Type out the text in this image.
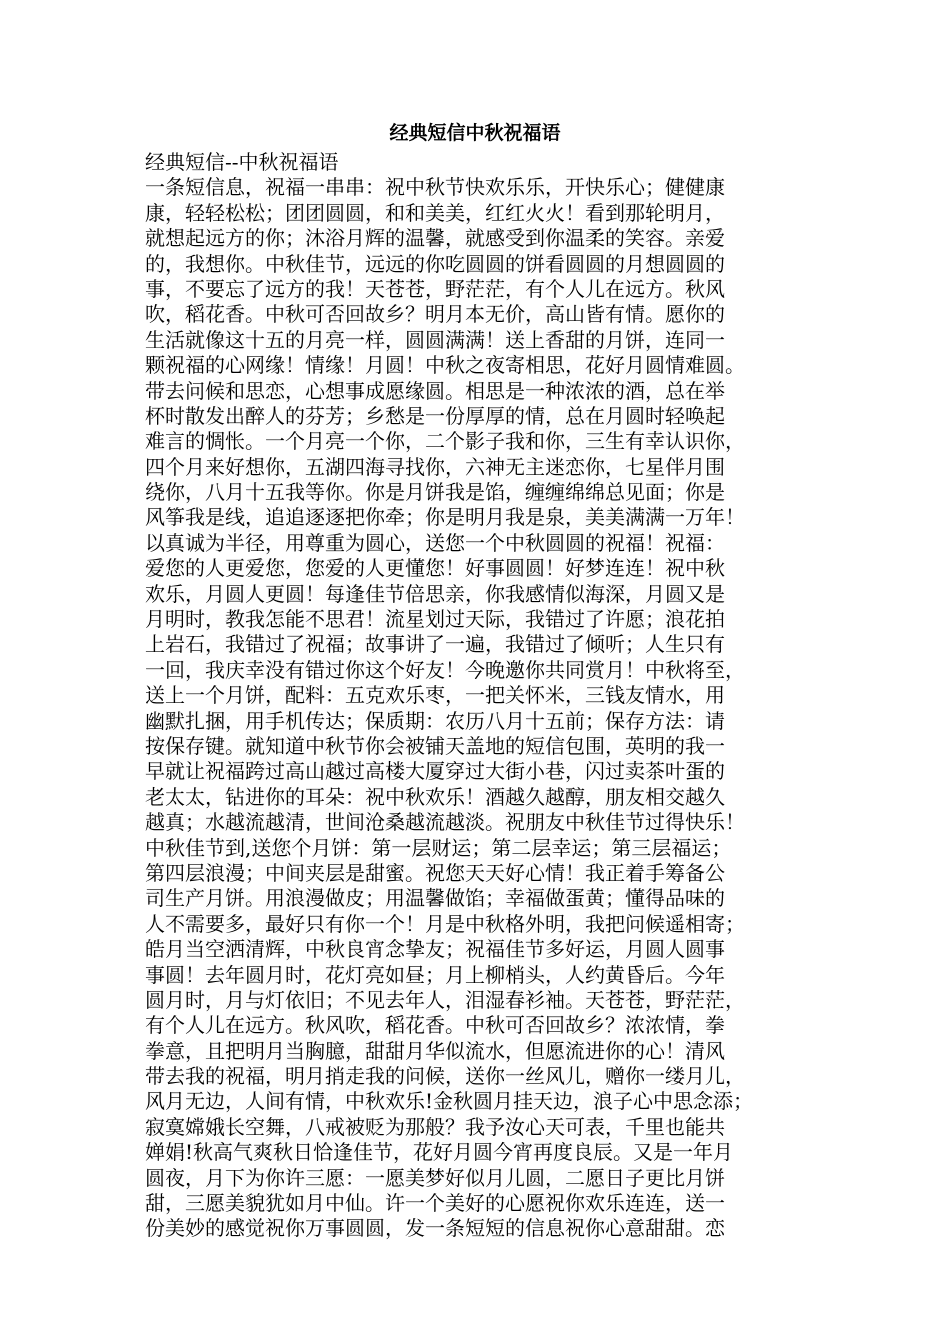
经典短信中秋祝福语
经典短信--中秋祝福语
一条短信息，祝福一串串：祝中秋节快欢乐乐，开快乐心；健健康
康，轻轻松松；团团圆圆，和和美美，红红火火！看到那轮明月，
就想起远方的你；沐浴月辉的温馨，就感受到你温柔的笑容。亲爱
的，我想你。中秋佳节，远远的你吃圆圆的饼看圆圆的月想圆圆的
事，不要忘了远方的我！天苍苍，野茫茫，有个人儿在远方。秋风
吹，稻花香。中秋可否回故乡？明月本无价，高山皆有情。愿你的
生活就像这十五的月亮一样，圆圆满满！送上香甜的月饼，连同一
颗祝福的心网缘！情缘！月圆！中秋之夜寄相思，花好月圆情难圆。
带去问候和思恋，心想事成愿缘圆。相思是一种浓浓的酒，总在举
杯时散发出醉人的芬芳；乡愁是一份厚厚的情，总在月圆时轻唤起
难言的惆怅。一个月亮一个你，二个影子我和你，三生有幸认识你，
四个月来好想你，五湖四海寻找你，六神无主迷恋你，七星伴月围
绕你，八月十五我等你。你是月饼我是馅，缠缠绵绵总见面；你是
风筝我是线，追追逐逐把你牵；你是明月我是泉，美美满满一万年！
以真诚为半径，用尊重为圆心，送您一个中秋圆圆的祝福！祝福：
爱您的人更爱您，您爱的人更懂您！好事圆圆！好梦连连！祝中秋
欢乐，月圆人更圆！每逢佳节倍思亲，你我感情似海深，月圆又是
月明时，教我怎能不思君！流星划过天际，我错过了许愿；浪花拍
上岩石，我错过了祝福；故事讲了一遍，我错过了倾听；人生只有
一回，我庆幸没有错过你这个好友！今晚邀你共同赏月！中秋将至，
送上一个月饼，配料：五克欢乐枣，一把关怀米，三钱友情水，用
幽默扎捆，用手机传达；保质期：农历八月十五前；保存方法：请
按保存键。就知道中秋节你会被铺天盖地的短信包围，英明的我一
早就让祝福跨过高山越过高楼大厦穿过大街小巷，闪过卖茶叶蛋的
老太太，钻进你的耳朵：祝中秋欢乐！酒越久越醇，朋友相交越久
越真；水越流越清，世间沧桑越流越淡。祝朋友中秋佳节过得快乐！
中秋佳节到,送您个月饼：第一层财运；第二层幸运；第三层福运；
第四层浪漫；中间夹层是甜蜜。祝您天天好心情！我正着手筹备公
司生产月饼。用浪漫做皮；用温馨做馅；幸福做蛋黄；懂得品味的
人不需要多，最好只有你一个！月是中秋格外明，我把问候遥相寄；
皓月当空洒清辉，中秋良宵念挚友；祝福佳节多好运，月圆人圆事
事圆！去年圆月时，花灯亮如昼；月上柳梢头，人约黄昏后。今年
圆月时，月与灯依旧；不见去年人，泪湿春衫袖。天苍苍，野茫茫，
有个人儿在远方。秋风吹，稻花香。中秋可否回故乡？浓浓情，拳
拳意，且把明月当胸臆，甜甜月华似流水，但愿流进你的心！清风
带去我的祝福，明月捎走我的问候，送你一丝风儿，赠你一缕月儿，
风月无边，人间有情，中秋欢乐!金秋圆月挂天边，浪子心中思念添；
寂寞嫦娥长空舞，八戒被贬为那般？我予汝心天可表，千里也能共
婵娟!秋高气爽秋日恰逢佳节，花好月圆今宵再度良辰。又是一年月
圆夜，月下为你许三愿：一愿美梦好似月儿圆，二愿日子更比月饼
甜，三愿美貌犹如月中仙。许一个美好的心愿祝你欢乐连连，送一
份美妙的感觉祝你万事圆圆，发一条短短的信息祝你心意甜甜。恋
